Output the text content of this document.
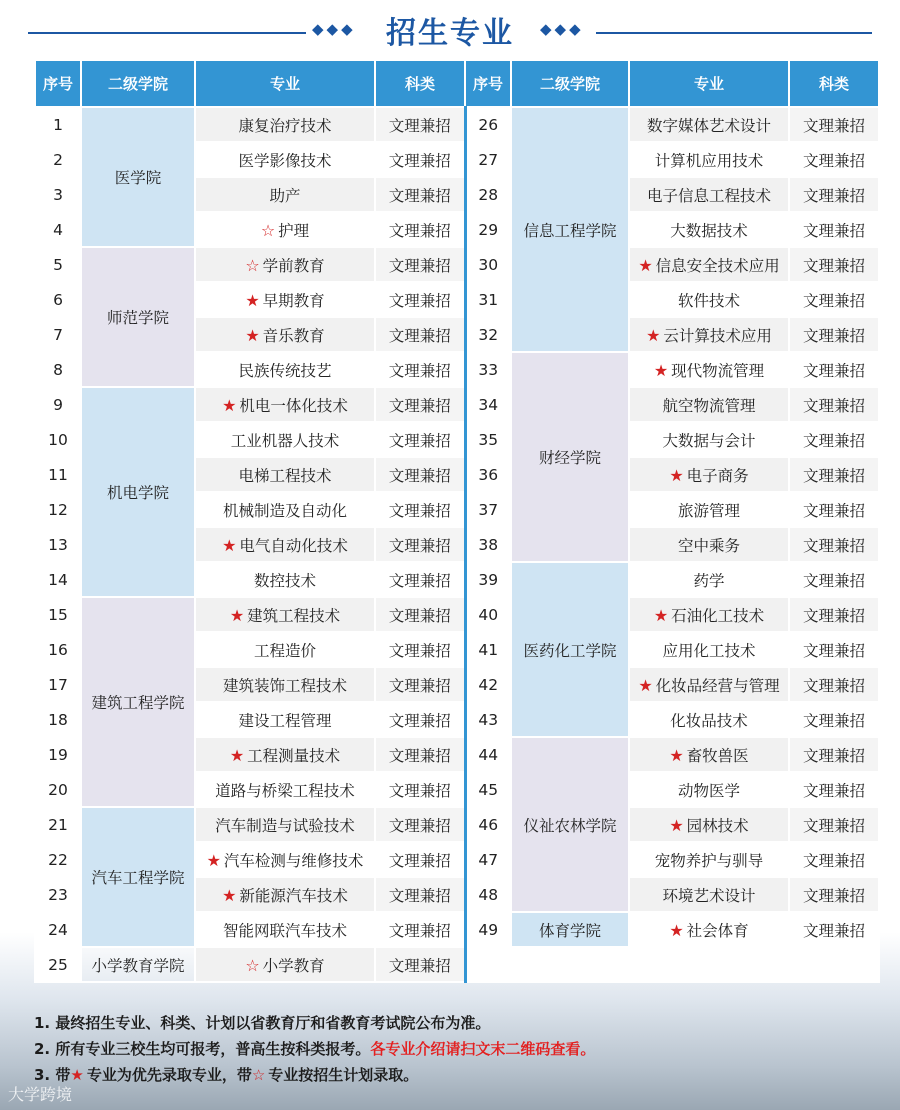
◆◆◆ 招生专业	◆◆◆
序号	二级学院	专业	科类	序号	二级学院	专业	科类
1	医学院	康复治疗技术	文理兼招	26	信息工程学院	数字媒体艺术设计	文理兼招
2		医学影像技术	文理兼招	27		计算机应用技术	文理兼招
3		助产	文理兼招	28		电子信息工程技术	文理兼招
4		☆ 护理	文理兼招	29		大数据技术	文理兼招
5	师范学院	☆ 学前教育	文理兼招	30		★ 信息安全技术应用	文理兼招
6		★ 早期教育	文理兼招	31		软件技术	文理兼招
7		★ 音乐教育	文理兼招	32		★ 云计算技术应用	文理兼招
8		民族传统技艺	文理兼招	33	财经学院	★ 现代物流管理	文理兼招
9	机电学院	★ 机电一体化技术	文理兼招	34		航空物流管理	文理兼招
10		工业机器人技术	文理兼招	35		大数据与会计	文理兼招
11		电梯工程技术	文理兼招	36		★ 电子商务	文理兼招
12		机械制造及自动化	文理兼招	37		旅游管理	文理兼招
13		★ 电气自动化技术	文理兼招	38		空中乘务	文理兼招
14		数控技术	文理兼招	39	医药化工学院	药学	文理兼招
15	建筑工程学院	★ 建筑工程技术	文理兼招	40		★ 石油化工技术	文理兼招
16		工程造价	文理兼招	41		应用化工技术	文理兼招
17		建筑装饰工程技术	文理兼招	42		★ 化妆品经营与管理	文理兼招
18		建设工程管理	文理兼招	43		化妆品技术	文理兼招
19		★ 工程测量技术	文理兼招	44	仪祉农林学院	★ 畜牧兽医	文理兼招
20		道路与桥梁工程技术	文理兼招	45		动物医学	文理兼招
21	汽车工程学院	汽车制造与试验技术	文理兼招	46		★ 园林技术	文理兼招
22		★ 汽车检测与维修技术	文理兼招	47		宠物养护与驯导	文理兼招
23		★ 新能源汽车技术	文理兼招	48		环境艺术设计	文理兼招
24		智能网联汽车技术	文理兼招	49	体育学院	★ 社会体育	文理兼招
25	小学教育学院	☆ 小学教育	文理兼招				
1. 最终招生专业、科类、计划以省教育厅和省教育考试院公布为准。
2. 所有专业三校生均可报考，普高生按科类报考。各专业介绍请扫文末二维码查看。
3. 带★ 专业为优先录取专业，带☆ 专业按招生计划录取。
大学跨境
